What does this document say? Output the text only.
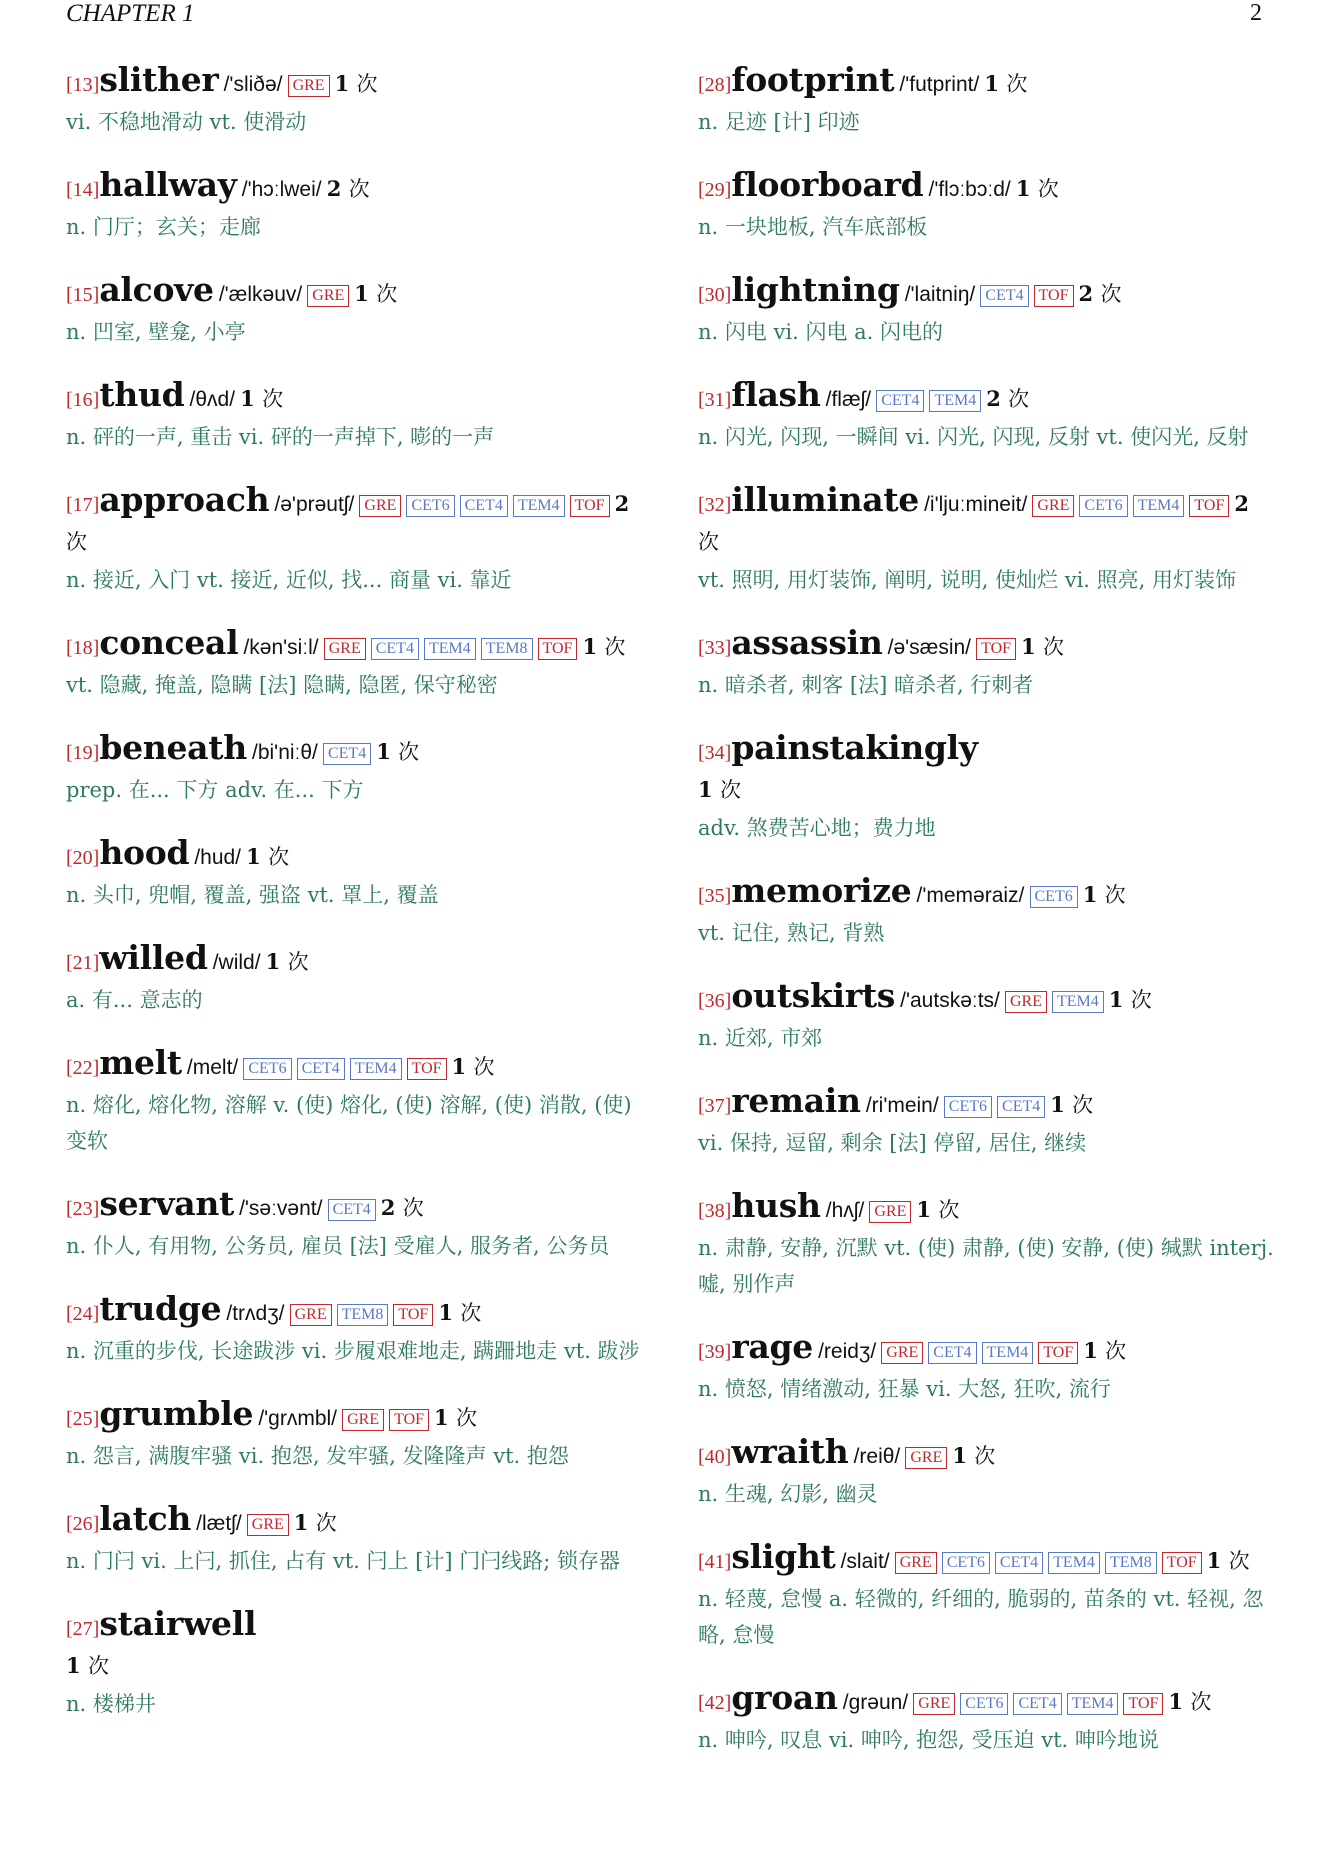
CHAPTER 1	2
[13]slither /'sliðə/ GRE 1 次
vi. 不稳地滑动 vt. 使滑动
[14]hallway /'hɔːlwei/ 2 次
n. 门厅；玄关；走廊
[15]alcove /'ælkəuv/ GRE 1 次
n. 凹室, 壁龛, 小亭
[16]thud /θʌd/ 1 次
n. 砰的一声, 重击 vi. 砰的一声掉下, 嘭的一声
[17]approach /ə'prəutʃ/ GRE CET6 CET4 TEM4 TOF 2 次
n. 接近, 入门 vt. 接近, 近似, 找... 商量 vi. 靠近
[18]conceal /kən'siːl/ GRE CET4 TEM4 TEM8 TOF 1 次
vt. 隐藏, 掩盖, 隐瞒 [法] 隐瞒, 隐匿, 保守秘密
[19]beneath /bi'niːθ/ CET4 1 次
prep. 在... 下方 adv. 在... 下方
[20]hood /hud/ 1 次
n. 头巾, 兜帽, 覆盖, 强盗 vt. 罩上, 覆盖
[21]willed /wild/ 1 次
a. 有... 意志的
[22]melt /melt/ CET6 CET4 TEM4 TOF 1 次
n. 熔化, 熔化物, 溶解 v. (使) 熔化, (使) 溶解, (使) 消散, (使) 变软
[23]servant /'səːvənt/ CET4 2 次
n. 仆人, 有用物, 公务员, 雇员 [法] 受雇人, 服务者, 公务员
[24]trudge /trʌdʒ/ GRE TEM8 TOF 1 次
n. 沉重的步伐, 长途跋涉 vi. 步履艰难地走, 蹒跚地走 vt. 跋涉
[25]grumble /'grʌmbl/ GRE TOF 1 次
n. 怨言, 满腹牢骚 vi. 抱怨, 发牢骚, 发隆隆声 vt. 抱怨
[26]latch /lætʃ/ GRE 1 次
n. 门闩 vi. 上闩, 抓住, 占有 vt. 闩上 [计] 门闩线路; 锁存器
[27]stairwell
1 次
n. 楼梯井
[28]footprint /'futprint/ 1 次
n. 足迹 [计] 印迹
[29]floorboard /'flɔːbɔːd/ 1 次
n. 一块地板, 汽车底部板
[30]lightning /'laitniŋ/ CET4 TOF 2 次
n. 闪电 vi. 闪电 a. 闪电的
[31]flash /flæʃ/ CET4 TEM4 2 次
n. 闪光, 闪现, 一瞬间 vi. 闪光, 闪现, 反射 vt. 使闪光, 反射
[32]illuminate /i'ljuːmineit/ GRE CET6 TEM4 TOF 2 次
vt. 照明, 用灯装饰, 阐明, 说明, 使灿烂 vi. 照亮, 用灯装饰
[33]assassin /ə'sæsin/ TOF 1 次
n. 暗杀者, 刺客 [法] 暗杀者, 行刺者
[34]painstakingly
1 次
adv. 煞费苦心地；费力地
[35]memorize /'meməraiz/ CET6 1 次
vt. 记住, 熟记, 背熟
[36]outskirts /'autskəːts/ GRE TEM4 1 次
n. 近郊, 市郊
[37]remain /ri'mein/ CET6 CET4 1 次
vi. 保持, 逗留, 剩余 [法] 停留, 居住, 继续
[38]hush /hʌʃ/ GRE 1 次
n. 肃静, 安静, 沉默 vt. (使) 肃静, (使) 安静, (使) 缄默 interj. 嘘, 别作声
[39]rage /reidʒ/ GRE CET4 TEM4 TOF 1 次
n. 愤怒, 情绪激动, 狂暴 vi. 大怒, 狂吹, 流行
[40]wraith /reiθ/ GRE 1 次
n. 生魂, 幻影, 幽灵
[41]slight /slait/ GRE CET6 CET4 TEM4 TEM8 TOF 1 次
n. 轻蔑, 怠慢 a. 轻微的, 纤细的, 脆弱的, 苗条的 vt. 轻视, 忽略, 怠慢
[42]groan /grəun/ GRE CET6 CET4 TEM4 TOF 1 次
n. 呻吟, 叹息 vi. 呻吟, 抱怨, 受压迫 vt. 呻吟地说
